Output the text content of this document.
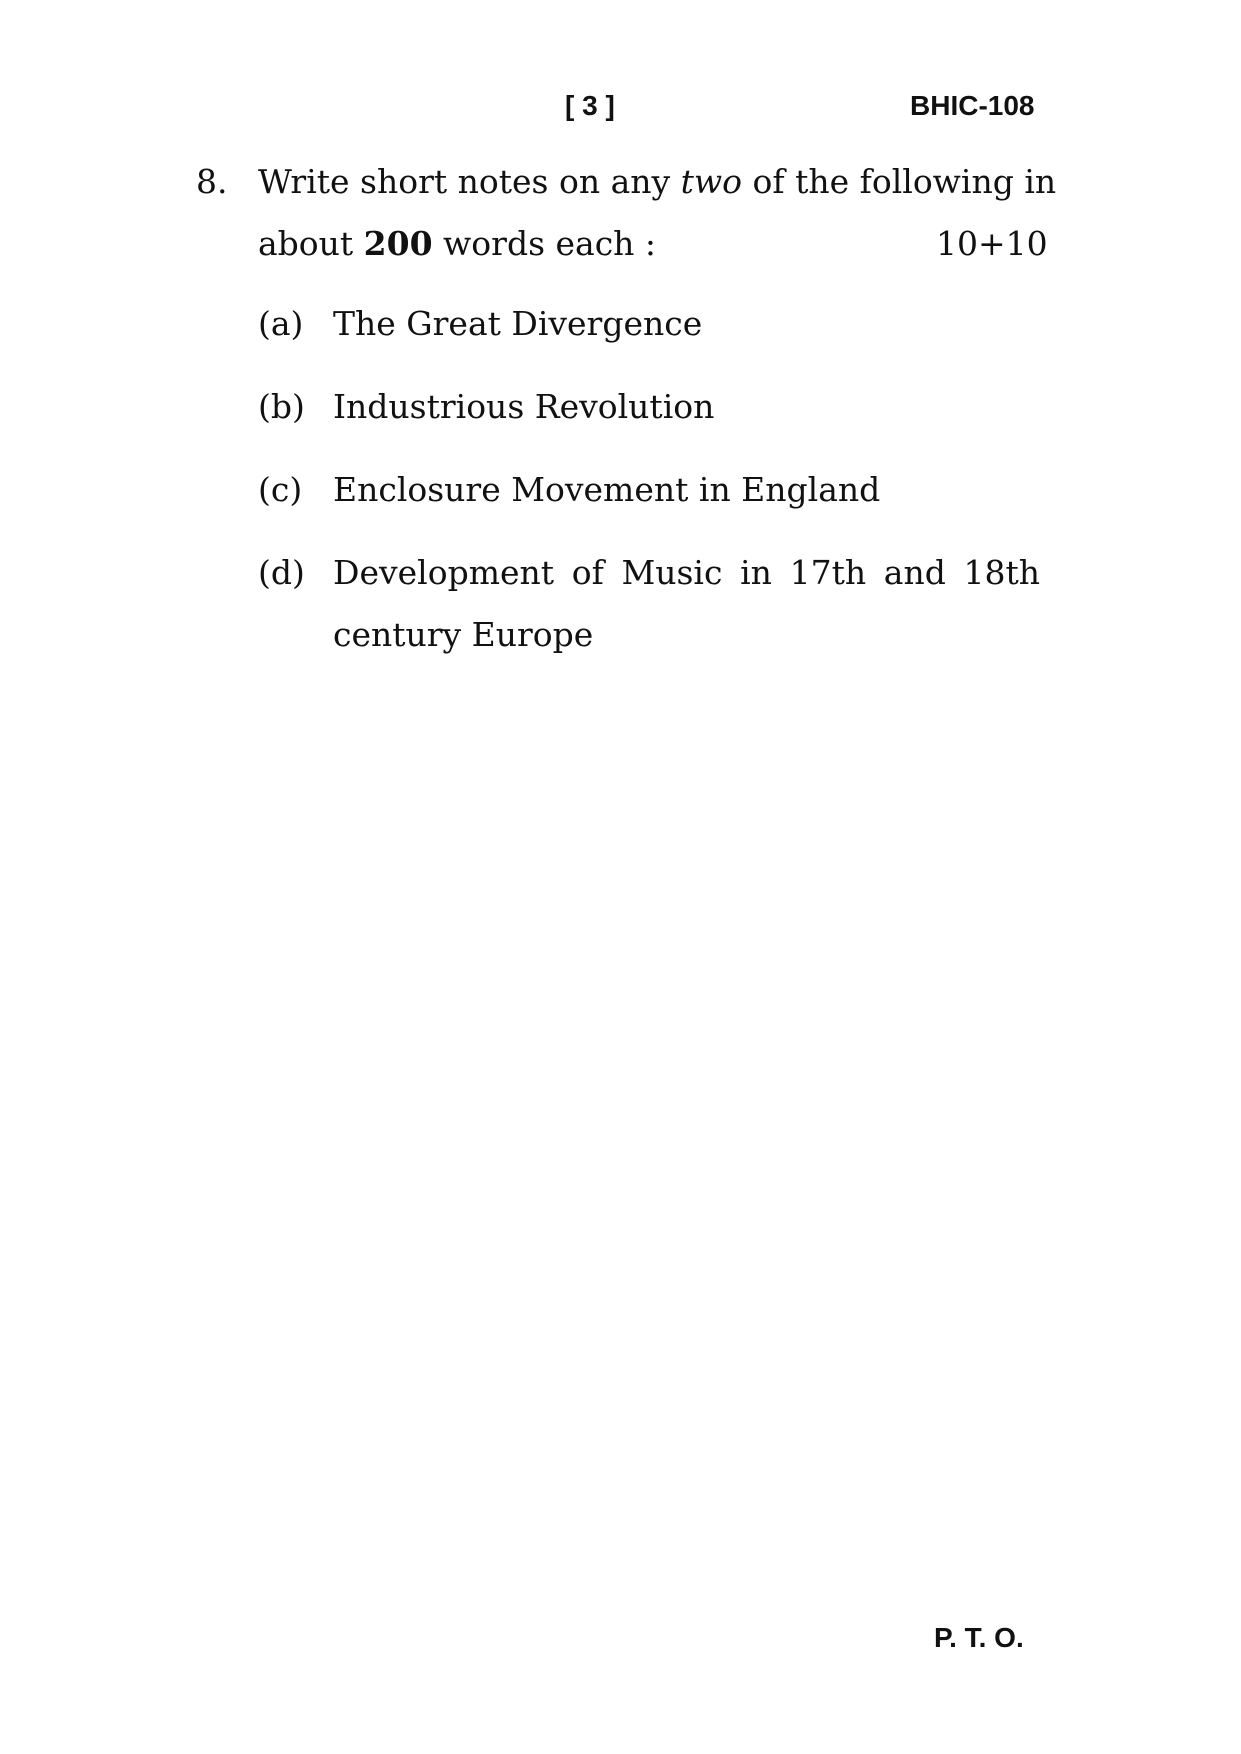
[ 3 ]	BHIC-108
8. Write short notes on any two of the following in
about 200 words each :	10+10
(a) The Great Divergence
(b) Industrious Revolution
(c) Enclosure Movement in England
(d) Development of Music in 17th and 18th
century Europe
P. T. O.
